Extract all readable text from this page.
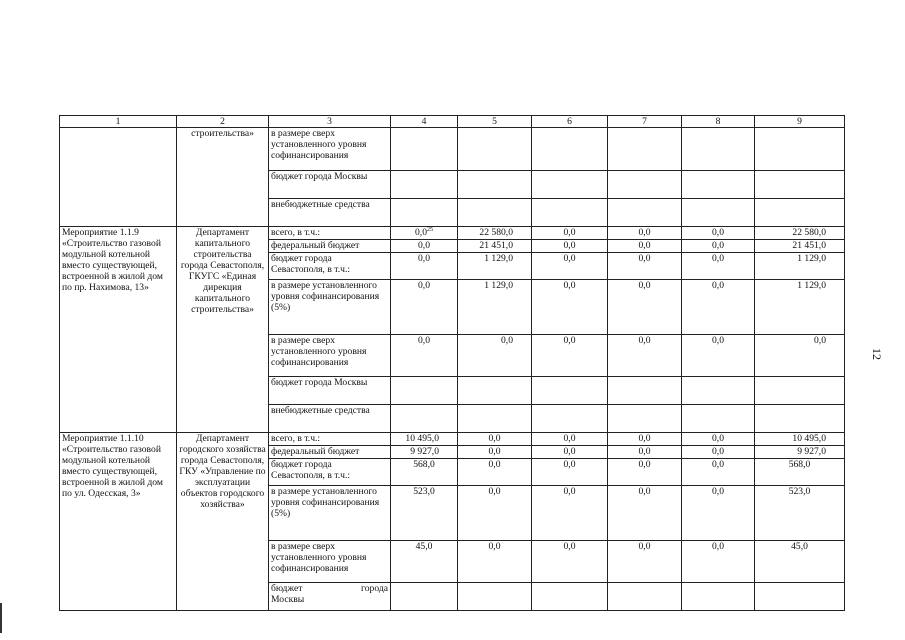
1	2	3	4	5	6	7	8	9
	строительства»	в размере сверх установленного уровня софинансирования						
		бюджет города Москвы						
		внебюджетные средства						
Мероприятие 1.1.9 «Строительство газовой модульной котельной вместо существующей, встроенной в жилой дом по пр. Нахимова, 13»	Департамент капитального строительства города Севастополя, ГКУГС «Единая дирекция капитального строительства»	всего, в т.ч.:	$0,0^{25}$	22 580,0	0,0	0,0	0,0	22 580,0
		федеральный бюджет	0,0	21 451,0	0,0	0,0	0,0	21 451,0
		бюджет города Севастополя, в т.ч.:	0,0	1 129,0	0,0	0,0	0,0	1 129,0
		в размере установленного уровня софинансирования (5%)	0,0	1 129,0	0,0	0,0	0,0	1 129,0
		в размере сверх установленного уровня софинансирования	0,0	0,0	0,0	0,0	0,0	0,0
		бюджет города Москвы						
		внебюджетные средства						
Мероприятие 1.1.10 «Строительство газовой модульной котельной вместо существующей, встроенной в жилой дом по ул. Одесская, 3»	Департамент городского хозяйства города Севастополя, ГКУ «Управление по эксплуатации объектов городского хозяйства»	всего, в т.ч.:	10 495,0	0,0	0,0	0,0	0,0	10 495,0
		федеральный бюджет	9 927,0	0,0	0,0	0,0	0,0	9 927,0
		бюджет города Севастополя, в т.ч.:	568,0	0,0	0,0	0,0	0,0	568,0
		в размере установленного уровня софинансирования (5%)	523,0	0,0	0,0	0,0	0,0	523,0
		в размере сверх установленного уровня софинансирования	45,0	0,0	0,0	0,0	0,0	45,0

		бюджет города
Москвы						

12
